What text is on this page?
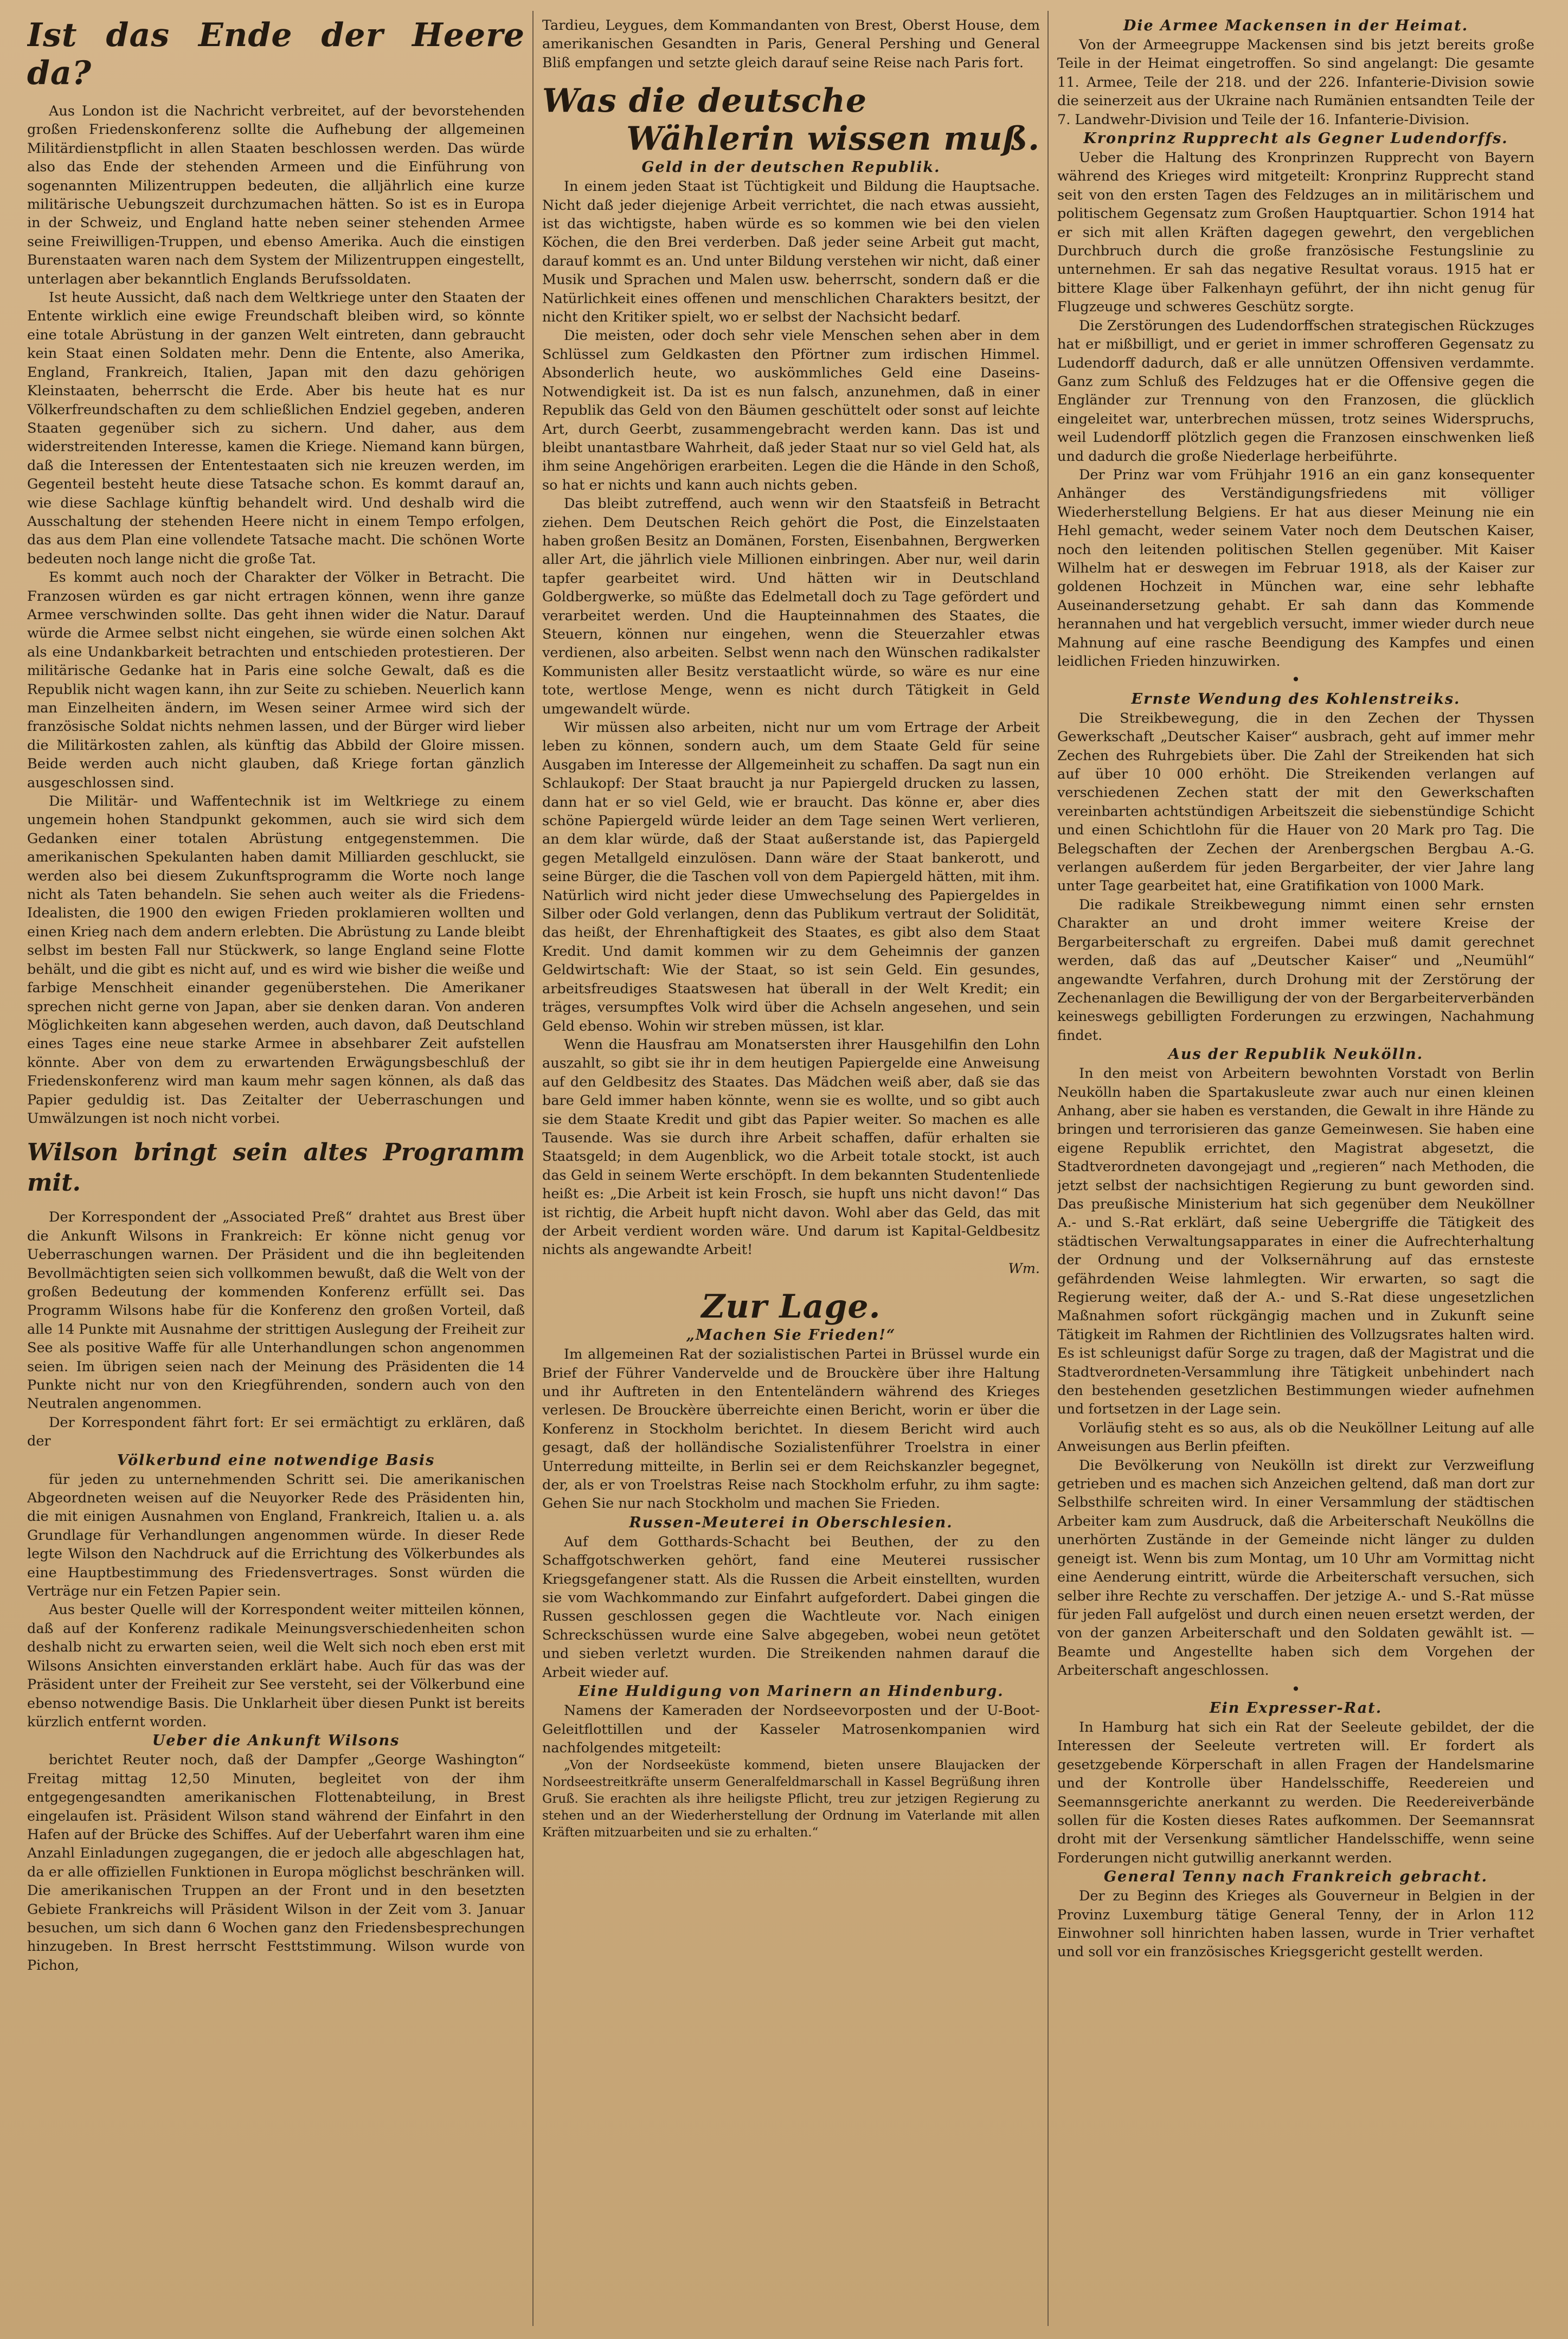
Ist das Ende der Heere da?

Aus London ist die Nachricht verbreitet, auf der bevorstehenden großen Friedenskonferenz sollte die Aufhebung der allgemeinen Militärdienstpflicht in allen Staaten beschlossen werden. Das würde also das Ende der stehenden Armeen und die Einführung von sogenannten Milizentruppen bedeuten, die alljährlich eine kurze militärische Uebungszeit durchzumachen hätten. So ist es in Europa in der Schweiz, und England hatte neben seiner stehenden Armee seine Freiwilligen-Truppen, und ebenso Amerika. Auch die einstigen Burenstaaten waren nach dem System der Milizentruppen eingestellt, unterlagen aber bekanntlich Englands Berufssoldaten.

Ist heute Aussicht, daß nach dem Weltkriege unter den Staaten der Entente wirklich eine ewige Freundschaft bleiben wird, so könnte eine totale Abrüstung in der ganzen Welt eintreten, dann gebraucht kein Staat einen Soldaten mehr. Denn die Entente, also Amerika, England, Frankreich, Italien, Japan mit den dazu gehörigen Kleinstaaten, beherrscht die Erde. Aber bis heute hat es nur Völkerfreundschaften zu dem schließlichen Endziel gegeben, anderen Staaten gegenüber sich zu sichern. Und daher, aus dem widerstreitenden Interesse, kamen die Kriege. Niemand kann bürgen, daß die Interessen der Ententestaaten sich nie kreuzen werden, im Gegenteil besteht heute diese Tatsache schon. Es kommt darauf an, wie diese Sachlage künftig behandelt wird. Und deshalb wird die Ausschaltung der stehenden Heere nicht in einem Tempo erfolgen, das aus dem Plan eine vollendete Tatsache macht. Die schönen Worte bedeuten noch lange nicht die große Tat.

Es kommt auch noch der Charakter der Völker in Betracht. Die Franzosen würden es gar nicht ertragen können, wenn ihre ganze Armee verschwinden sollte. Das geht ihnen wider die Natur. Darauf würde die Armee selbst nicht eingehen, sie würde einen solchen Akt als eine Undankbarkeit betrachten und entschieden protestieren. Der militärische Gedanke hat in Paris eine solche Gewalt, daß es die Republik nicht wagen kann, ihn zur Seite zu schieben. Neuerlich kann man Einzelheiten ändern, im Wesen seiner Armee wird sich der französische Soldat nichts nehmen lassen, und der Bürger wird lieber die Militärkosten zahlen, als künftig das Abbild der Gloire missen. Beide werden auch nicht glauben, daß Kriege fortan gänzlich ausgeschlossen sind.

Die Militär- und Waffentechnik ist im Weltkriege zu einem ungemein hohen Standpunkt gekommen, auch sie wird sich dem Gedanken einer totalen Abrüstung entgegenstemmen. Die amerikanischen Spekulanten haben damit Milliarden geschluckt, sie werden also bei diesem Zukunftsprogramm die Worte noch lange nicht als Taten behandeln. Sie sehen auch weiter als die Friedens-Idealisten, die 1900 den ewigen Frieden proklamieren wollten und einen Krieg nach dem andern erlebten. Die Abrüstung zu Lande bleibt selbst im besten Fall nur Stückwerk, so lange England seine Flotte behält, und die gibt es nicht auf, und es wird wie bisher die weiße und farbige Menschheit einander gegenüberstehen. Die Amerikaner sprechen nicht gerne von Japan, aber sie denken daran. Von anderen Möglichkeiten kann abgesehen werden, auch davon, daß Deutschland eines Tages eine neue starke Armee in absehbarer Zeit aufstellen könnte. Aber von dem zu erwartenden Erwägungsbeschluß der Friedenskonferenz wird man kaum mehr sagen können, als daß das Papier geduldig ist. Das Zeitalter der Ueberraschungen und Umwälzungen ist noch nicht vorbei.

Wilson bringt sein altes Programm mit.

Der Korrespondent der „Associated Preß“ drahtet aus Brest über die Ankunft Wilsons in Frankreich: Er könne nicht genug vor Ueberraschungen warnen. Der Präsident und die ihn begleitenden Bevollmächtigten seien sich vollkommen bewußt, daß die Welt von der großen Bedeutung der kommenden Konferenz erfüllt sei. Das Programm Wilsons habe für die Konferenz den großen Vorteil, daß alle 14 Punkte mit Ausnahme der strittigen Auslegung der Freiheit zur See als positive Waffe für alle Unterhandlungen schon angenommen seien. Im übrigen seien nach der Meinung des Präsidenten die 14 Punkte nicht nur von den Kriegführenden, sondern auch von den Neutralen angenommen.

Der Korrespondent fährt fort: Er sei ermächtigt zu erklären, daß der

Völkerbund eine notwendige Basis

für jeden zu unternehmenden Schritt sei. Die amerikanischen Abgeordneten weisen auf die Neuyorker Rede des Präsidenten hin, die mit einigen Ausnahmen von England, Frankreich, Italien u. a. als Grundlage für Verhandlungen angenommen würde. In dieser Rede legte Wilson den Nachdruck auf die Errichtung des Völkerbundes als eine Hauptbestimmung des Friedensvertrages. Sonst würden die Verträge nur ein Fetzen Papier sein.

Aus bester Quelle will der Korrespondent weiter mitteilen können, daß auf der Konferenz radikale Meinungsverschiedenheiten schon deshalb nicht zu erwarten seien, weil die Welt sich noch eben erst mit Wilsons Ansichten einverstanden erklärt habe. Auch für das was der Präsident unter der Freiheit zur See versteht, sei der Völkerbund eine ebenso notwendige Basis. Die Unklarheit über diesen Punkt ist bereits kürzlich entfernt worden.

Ueber die Ankunft Wilsons

berichtet Reuter noch, daß der Dampfer „George Washington“ Freitag mittag 12,50 Minuten, begleitet von der ihm entgegengesandten amerikanischen Flottenabteilung, in Brest eingelaufen ist. Präsident Wilson stand während der Einfahrt in den Hafen auf der Brücke des Schiffes. Auf der Ueberfahrt waren ihm eine Anzahl Einladungen zugegangen, die er jedoch alle abgeschlagen hat, da er alle offiziellen Funktionen in Europa möglichst beschränken will. Die amerikanischen Truppen an der Front und in den besetzten Gebiete Frankreichs will Präsident Wilson in der Zeit vom 3. Januar besuchen, um sich dann 6 Wochen ganz den Friedensbesprechungen hinzugeben. In Brest herrscht Festtstimmung. Wilson wurde von Pichon,

Tardieu, Leygues, dem Kommandanten von Brest, Oberst House, dem amerikanischen Gesandten in Paris, General Pershing und General Bliß empfangen und setzte gleich darauf seine Reise nach Paris fort.

Was die deutsche
Wählerin wissen muß.
Geld in der deutschen Republik.

In einem jeden Staat ist Tüchtigkeit und Bildung die Hauptsache. Nicht daß jeder diejenige Arbeit verrichtet, die nach etwas aussieht, ist das wichtigste, haben würde es so kommen wie bei den vielen Köchen, die den Brei verderben. Daß jeder seine Arbeit gut macht, darauf kommt es an. Und unter Bildung verstehen wir nicht, daß einer Musik und Sprachen und Malen usw. beherrscht, sondern daß er die Natürlichkeit eines offenen und menschlichen Charakters besitzt, der nicht den Kritiker spielt, wo er selbst der Nachsicht bedarf.

Die meisten, oder doch sehr viele Menschen sehen aber in dem Schlüssel zum Geldkasten den Pförtner zum irdischen Himmel. Absonderlich heute, wo auskömmliches Geld eine Daseins-Notwendigkeit ist. Da ist es nun falsch, anzunehmen, daß in einer Republik das Geld von den Bäumen geschüttelt oder sonst auf leichte Art, durch Geerbt, zusammengebracht werden kann. Das ist und bleibt unantastbare Wahrheit, daß jeder Staat nur so viel Geld hat, als ihm seine Angehörigen erarbeiten. Legen die die Hände in den Schoß, so hat er nichts und kann auch nichts geben.

Das bleibt zutreffend, auch wenn wir den Staatsfeiß in Betracht ziehen. Dem Deutschen Reich gehört die Post, die Einzelstaaten haben großen Besitz an Domänen, Forsten, Eisenbahnen, Bergwerken aller Art, die jährlich viele Millionen einbringen. Aber nur, weil darin tapfer gearbeitet wird. Und hätten wir in Deutschland Goldbergwerke, so müßte das Edelmetall doch zu Tage gefördert und verarbeitet werden. Und die Haupteinnahmen des Staates, die Steuern, können nur eingehen, wenn die Steuerzahler etwas verdienen, also arbeiten. Selbst wenn nach den Wünschen radikalster Kommunisten aller Besitz verstaatlicht würde, so wäre es nur eine tote, wertlose Menge, wenn es nicht durch Tätigkeit in Geld umgewandelt würde.

Wir müssen also arbeiten, nicht nur um vom Ertrage der Arbeit leben zu können, sondern auch, um dem Staate Geld für seine Ausgaben im Interesse der Allgemeinheit zu schaffen. Da sagt nun ein Schlaukopf: Der Staat braucht ja nur Papiergeld drucken zu lassen, dann hat er so viel Geld, wie er braucht. Das könne er, aber dies schöne Papiergeld würde leider an dem Tage seinen Wert verlieren, an dem klar würde, daß der Staat außerstande ist, das Papiergeld gegen Metallgeld einzulösen. Dann wäre der Staat bankerott, und seine Bürger, die die Taschen voll von dem Papiergeld hätten, mit ihm. Natürlich wird nicht jeder diese Umwechselung des Papiergeldes in Silber oder Gold verlangen, denn das Publikum vertraut der Solidität, das heißt, der Ehrenhaftigkeit des Staates, es gibt also dem Staat Kredit. Und damit kommen wir zu dem Geheimnis der ganzen Geldwirtschaft: Wie der Staat, so ist sein Geld. Ein gesundes, arbeitsfreudiges Staatswesen hat überall in der Welt Kredit; ein träges, versumpftes Volk wird über die Achseln angesehen, und sein Geld ebenso. Wohin wir streben müssen, ist klar.

Wenn die Hausfrau am Monatsersten ihrer Hausgehilfin den Lohn auszahlt, so gibt sie ihr in dem heutigen Papiergelde eine Anweisung auf den Geldbesitz des Staates. Das Mädchen weiß aber, daß sie das bare Geld immer haben könnte, wenn sie es wollte, und so gibt auch sie dem Staate Kredit und gibt das Papier weiter. So machen es alle Tausende. Was sie durch ihre Arbeit schaffen, dafür erhalten sie Staatsgeld; in dem Augenblick, wo die Arbeit totale stockt, ist auch das Geld in seinem Werte erschöpft. In dem bekannten Studentenliede heißt es: „Die Arbeit ist kein Frosch, sie hupft uns nicht davon!“ Das ist richtig, die Arbeit hupft nicht davon. Wohl aber das Geld, das mit der Arbeit verdient worden wäre. Und darum ist Kapital-Geldbesitz nichts als angewandte Arbeit!

Wm.

Zur Lage.
„Machen Sie Frieden!“

Im allgemeinen Rat der sozialistischen Partei in Brüssel wurde ein Brief der Führer Vandervelde und de Brouckère über ihre Haltung und ihr Auftreten in den Ententeländern während des Krieges verlesen. De Brouckère überreichte einen Bericht, worin er über die Konferenz in Stockholm berichtet. In diesem Bericht wird auch gesagt, daß der holländische Sozialistenführer Troelstra in einer Unterredung mitteilte, in Berlin sei er dem Reichskanzler begegnet, der, als er von Troelstras Reise nach Stockholm erfuhr, zu ihm sagte: Gehen Sie nur nach Stockholm und machen Sie Frieden.

Russen-Meuterei in Oberschlesien.

Auf dem Gotthards-Schacht bei Beuthen, der zu den Schaffgotschwerken gehört, fand eine Meuterei russischer Kriegsgefangener statt. Als die Russen die Arbeit einstellten, wurden sie vom Wachkommando zur Einfahrt aufgefordert. Dabei gingen die Russen geschlossen gegen die Wachtleute vor. Nach einigen Schreckschüssen wurde eine Salve abgegeben, wobei neun getötet und sieben verletzt wurden. Die Streikenden nahmen darauf die Arbeit wieder auf.

Eine Huldigung von Marinern an Hindenburg.

Namens der Kameraden der Nordseevorposten und der U-Boot-Geleitflottillen und der Kasseler Matrosenkompanien wird nachfolgendes mitgeteilt:

„Von der Nordseeküste kommend, bieten unsere Blaujacken der Nordseestreitkräfte unserm Generalfeldmarschall in Kassel Begrüßung ihren Gruß. Sie erachten als ihre heiligste Pflicht, treu zur jetzigen Regierung zu stehen und an der Wiederherstellung der Ordnung im Vaterlande mit allen Kräften mitzuarbeiten und sie zu erhalten.“

Die Armee Mackensen in der Heimat.

Von der Armeegruppe Mackensen sind bis jetzt bereits große Teile in der Heimat eingetroffen. So sind angelangt: Die gesamte 11. Armee, Teile der 218. und der 226. Infanterie-Division sowie die seinerzeit aus der Ukraine nach Rumänien entsandten Teile der 7. Landwehr-Division und Teile der 16. Infanterie-Division.

Kronprinz Rupprecht als Gegner Ludendorffs.

Ueber die Haltung des Kronprinzen Rupprecht von Bayern während des Krieges wird mitgeteilt: Kronprinz Rupprecht stand seit von den ersten Tagen des Feldzuges an in militärischem und politischem Gegensatz zum Großen Hauptquartier. Schon 1914 hat er sich mit allen Kräften dagegen gewehrt, den vergeblichen Durchbruch durch die große französische Festungslinie zu unternehmen. Er sah das negative Resultat voraus. 1915 hat er bittere Klage über Falkenhayn geführt, der ihn nicht genug für Flugzeuge und schweres Geschütz sorgte.

Die Zerstörungen des Ludendorffschen strategischen Rückzuges hat er mißbilligt, und er geriet in immer schrofferen Gegensatz zu Ludendorff dadurch, daß er alle unnützen Offensiven verdammte. Ganz zum Schluß des Feldzuges hat er die Offensive gegen die Engländer zur Trennung von den Franzosen, die glücklich eingeleitet war, unterbrechen müssen, trotz seines Widerspruchs, weil Ludendorff plötzlich gegen die Franzosen einschwenken ließ und dadurch die große Niederlage herbeiführte.

Der Prinz war vom Frühjahr 1916 an ein ganz konsequenter Anhänger des Verständigungsfriedens mit völliger Wiederherstellung Belgiens. Er hat aus dieser Meinung nie ein Hehl gemacht, weder seinem Vater noch dem Deutschen Kaiser, noch den leitenden politischen Stellen gegenüber. Mit Kaiser Wilhelm hat er deswegen im Februar 1918, als der Kaiser zur goldenen Hochzeit in München war, eine sehr lebhafte Auseinandersetzung gehabt. Er sah dann das Kommende herannahen und hat vergeblich versucht, immer wieder durch neue Mahnung auf eine rasche Beendigung des Kampfes und einen leidlichen Frieden hinzuwirken.

•
Ernste Wendung des Kohlenstreiks.

Die Streikbewegung, die in den Zechen der Thyssen Gewerkschaft „Deutscher Kaiser“ ausbrach, geht auf immer mehr Zechen des Ruhrgebiets über. Die Zahl der Streikenden hat sich auf über 10 000 erhöht. Die Streikenden verlangen auf verschiedenen Zechen statt der mit den Gewerkschaften vereinbarten achtstündigen Arbeitszeit die siebenstündige Schicht und einen Schichtlohn für die Hauer von 20 Mark pro Tag. Die Belegschaften der Zechen der Arenbergschen Bergbau A.-G. verlangen außerdem für jeden Bergarbeiter, der vier Jahre lang unter Tage gearbeitet hat, eine Gratifikation von 1000 Mark.

Die radikale Streikbewegung nimmt einen sehr ernsten Charakter an und droht immer weitere Kreise der Bergarbeiterschaft zu ergreifen. Dabei muß damit gerechnet werden, daß das auf „Deutscher Kaiser“ und „Neumühl“ angewandte Verfahren, durch Drohung mit der Zerstörung der Zechenanlagen die Bewilligung der von der Bergarbeiterverbänden keineswegs gebilligten Forderungen zu erzwingen, Nachahmung findet.

Aus der Republik Neukölln.

In den meist von Arbeitern bewohnten Vorstadt von Berlin Neukölln haben die Spartakusleute zwar auch nur einen kleinen Anhang, aber sie haben es verstanden, die Gewalt in ihre Hände zu bringen und terrorisieren das ganze Gemeinwesen. Sie haben eine eigene Republik errichtet, den Magistrat abgesetzt, die Stadtverordneten davongejagt und „regieren“ nach Methoden, die jetzt selbst der nachsichtigen Regierung zu bunt geworden sind. Das preußische Ministerium hat sich gegenüber dem Neuköllner A.- und S.-Rat erklärt, daß seine Uebergriffe die Tätigkeit des städtischen Verwaltungsapparates in einer die Aufrechterhaltung der Ordnung und der Volksernährung auf das ernsteste gefährdenden Weise lahmlegten. Wir erwarten, so sagt die Regierung weiter, daß der A.- und S.-Rat diese ungesetzlichen Maßnahmen sofort rückgängig machen und in Zukunft seine Tätigkeit im Rahmen der Richtlinien des Vollzugsrates halten wird. Es ist schleunigst dafür Sorge zu tragen, daß der Magistrat und die Stadtverordneten-Versammlung ihre Tätigkeit unbehindert nach den bestehenden gesetzlichen Bestimmungen wieder aufnehmen und fortsetzen in der Lage sein.

Vorläufig steht es so aus, als ob die Neuköllner Leitung auf alle Anweisungen aus Berlin pfeiften.

Die Bevölkerung von Neukölln ist direkt zur Verzweiflung getrieben und es machen sich Anzeichen geltend, daß man dort zur Selbsthilfe schreiten wird. In einer Versammlung der städtischen Arbeiter kam zum Ausdruck, daß die Arbeiterschaft Neuköllns die unerhörten Zustände in der Gemeinde nicht länger zu dulden geneigt ist. Wenn bis zum Montag, um 10 Uhr am Vormittag nicht eine Aenderung eintritt, würde die Arbeiterschaft versuchen, sich selber ihre Rechte zu verschaffen. Der jetzige A.- und S.-Rat müsse für jeden Fall aufgelöst und durch einen neuen ersetzt werden, der von der ganzen Arbeiterschaft und den Soldaten gewählt ist. — Beamte und Angestellte haben sich dem Vorgehen der Arbeiterschaft angeschlossen.

•
Ein Expresser-Rat.

In Hamburg hat sich ein Rat der Seeleute gebildet, der die Interessen der Seeleute vertreten will. Er fordert als gesetzgebende Körperschaft in allen Fragen der Handelsmarine und der Kontrolle über Handelsschiffe, Reedereien und Seemannsgerichte anerkannt zu werden. Die Reedereiverbände sollen für die Kosten dieses Rates aufkommen. Der Seemannsrat droht mit der Versenkung sämtlicher Handelsschiffe, wenn seine Forderungen nicht gutwillig anerkannt werden.

General Tenny nach Frankreich gebracht.

Der zu Beginn des Krieges als Gouverneur in Belgien in der Provinz Luxemburg tätige General Tenny, der in Arlon 112 Einwohner soll hinrichten haben lassen, wurde in Trier verhaftet und soll vor ein französisches Kriegsgericht gestellt werden.
